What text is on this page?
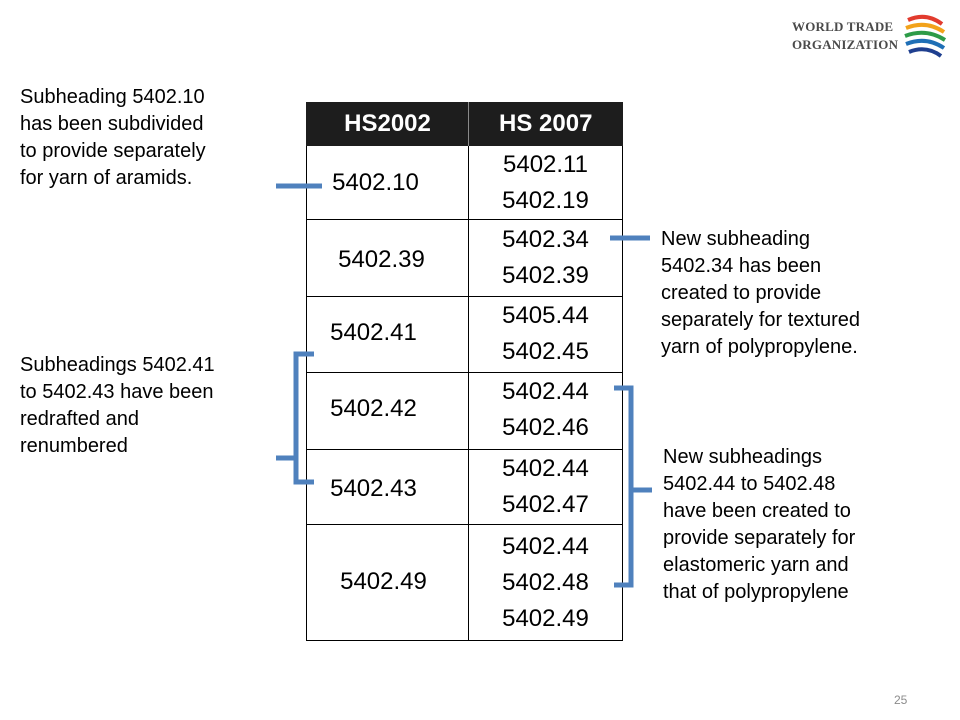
WORLD TRADE
ORGANIZATION
Subheading 5402.10
has been subdivided
to provide separately
for yarn of aramids.
Subheadings 5402.41
to 5402.43 have been
redrafted and
renumbered
New subheading
5402.34 has been
created to provide
separately for textured
yarn of polypropylene.
New subheadings
5402.44 to 5402.48
have been created to
provide separately for
elastomeric yarn and
that of polypropylene
HS2002	HS 2007
5402.10	5402.11
5402.19

5402.39	5402.34
5402.39

5402.41	5405.44
5402.45

5402.42	5402.44
5402.46

5402.43	5402.44
5402.47

5402.49	5402.44
5402.48
5402.49
25
